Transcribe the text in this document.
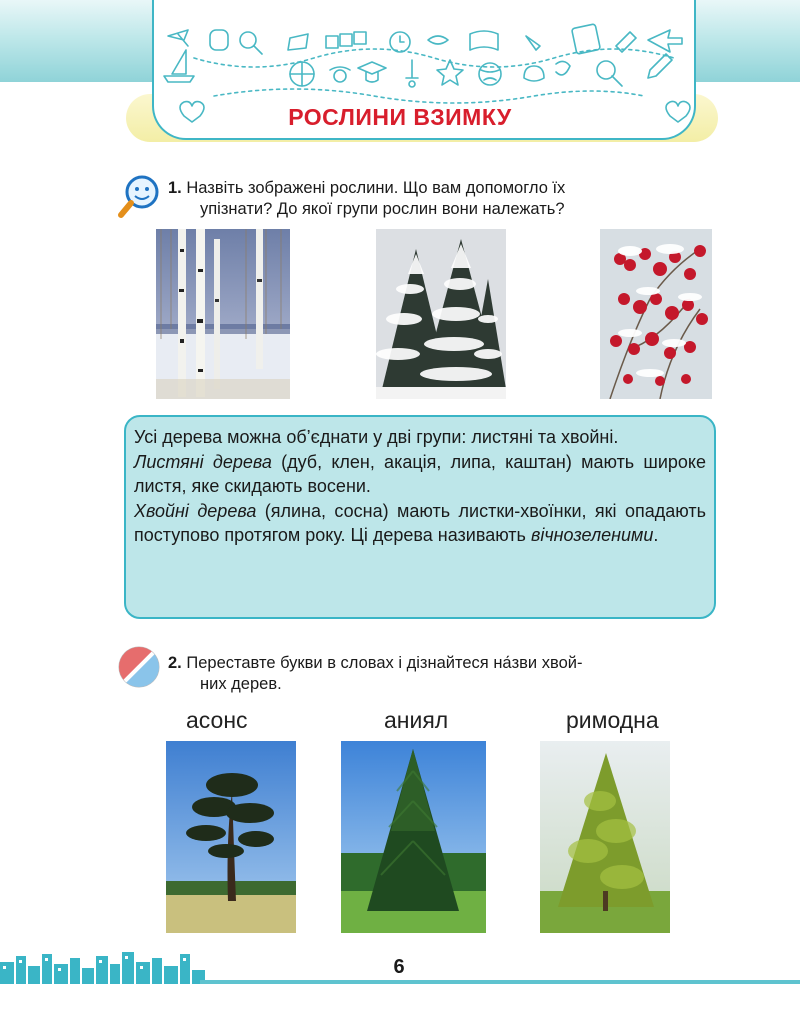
РОСЛИНИ ВЗИМКУ
1. Назвіть зображені рослини. Що вам допомогло їх
упізнати? До якої групи рослин вони належать?
Усі дерева можна об’єднати у дві групи: листяні та хвойні.
Листяні дерева (дуб, клен, акація, липа, каштан) мають широке листя, яке скидають восени.
Хвойні дерева (ялина, сосна) мають листки-хвоїнки, які опадають поступово протягом року. Ці дерева називають вічнозеленими.
2. Переставте букви в словах і дізнайтеся на́зви хвой-
них дерев.
асонс	аниял	римодна
6
